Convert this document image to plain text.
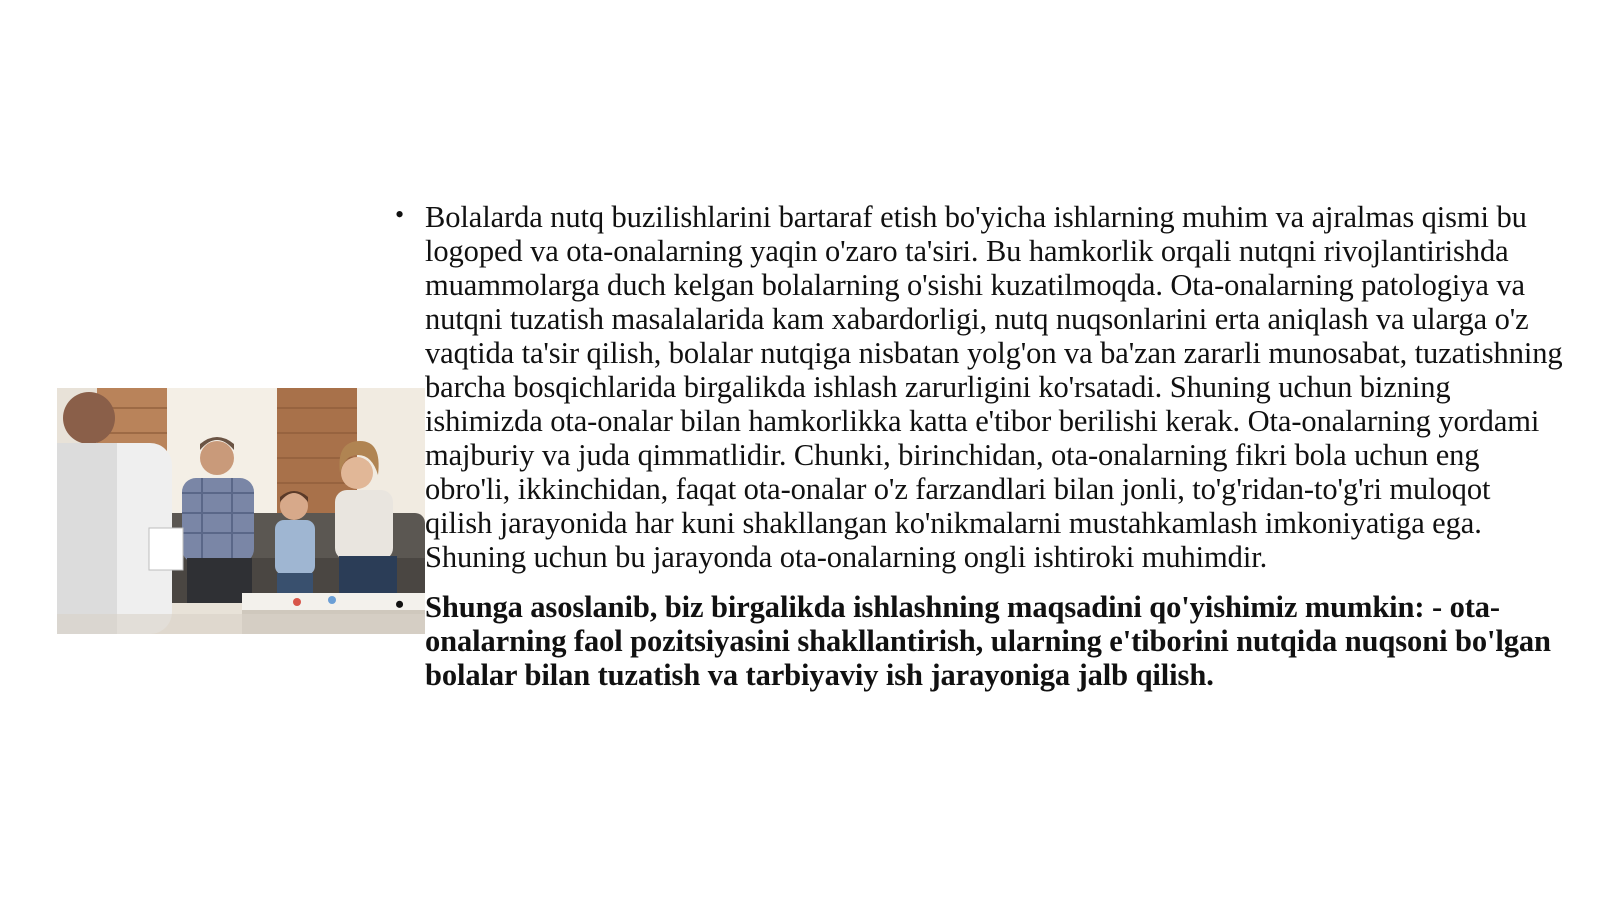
• Bolalarda nutq buzilishlarini bartaraf etish bo'yicha ishlarning muhim va ajralmas qismi bu logoped va ota-onalarning yaqin o'zaro ta'siri. Bu hamkorlik orqali nutqni rivojlantirishda muammolarga duch kelgan bolalarning o'sishi kuzatilmoqda. Ota-onalarning patologiya va nutqni tuzatish masalalarida kam xabardorligi, nutq nuqsonlarini erta aniqlash va ularga o'z vaqtida ta'sir qilish, bolalar nutqiga nisbatan yolg'on va ba'zan zararli munosabat, tuzatishning barcha bosqichlarida birgalikda ishlash zarurligini ko'rsatadi. Shuning uchun bizning ishimizda ota-onalar bilan hamkorlikka katta e'tibor berilishi kerak. Ota-onalarning yordami majburiy va juda qimmatlidir. Chunki, birinchidan, ota-onalarning fikri bola uchun eng obro'li, ikkinchidan, faqat ota-onalar o'z farzandlari bilan jonli, to'g'ridan-to'g'ri muloqot qilish jarayonida har kuni shakllangan ko'nikmalarni mustahkamlash imkoniyatiga ega. Shuning uchun bu jarayonda ota-onalarning ongli ishtiroki muhimdir.
• Shunga asoslanib, biz birgalikda ishlashning maqsadini qo'yishimiz mumkin: - ota-onalarning faol pozitsiyasini shakllantirish, ularning e'tiborini nutqida nuqsoni bo'lgan bolalar bilan tuzatish va tarbiyaviy ish jarayoniga jalb qilish.
